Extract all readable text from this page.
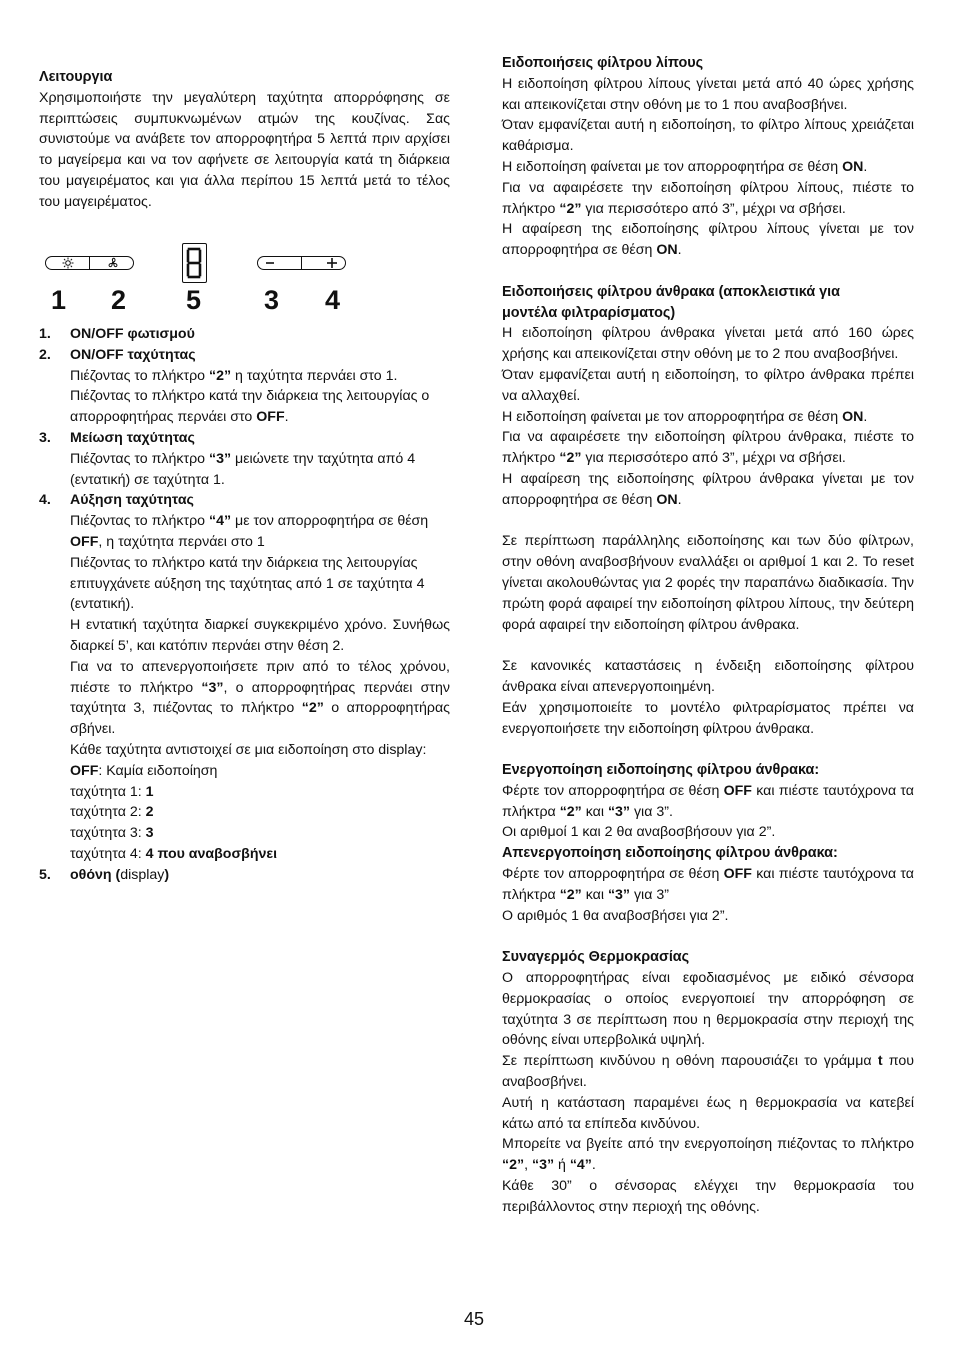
Λειτουργια

Χρησιμοποιήστε την μεγαλύτερη ταχύτητα απορρόφησης σε περιπτώσεις συμπυκνωμένων ατμών της κουζίνας. Σας συνιστούμε να ανάβετε τον απορροφητήρα 5 λεπτά πριν αρχίσει το μαγείρεμα και να τον αφήνετε σε λειτουργία κατά τη διάρκεια του μαγειρέματος και για άλλα περίπου 15 λεπτά μετά το τέλος του μαγειρέματος.

1 2 5 3 4
1. ON/OFF φωτισμού
2. ON/OFF ταχύτητας

Πιέζοντας το πλήκτρο “2” η ταχύτητα περνάει στο 1.

Πιέζοντας το πλήκτρο κατά την διάρκεια της λειτουργίας ο απορροφητήρας περνάει στο OFF.

3. Μείωση ταχύτητας

Πιέζοντας το πλήκτρο “3” μειώνετε την ταχύτητα από 4 (εντατική) σε ταχύτητα 1.

4. Αύξηση ταχύτητας

Πιέζοντας το πλήκτρο “4” με τον απορροφητήρα σε θέση OFF, η ταχύτητα περνάει στο 1

Πιέζοντας το πλήκτρο κατά την διάρκεια της λειτουργίας επιτυγχάνετε αύξηση της ταχύτητας από 1 σε ταχύτητα 4 (εντατική).

Η εντατική ταχύτητα διαρκεί συγκεκριμένο χρόνο. Συνήθως διαρκεί 5’, και κατόπιν περνάει στην θέση 2.

Για να το απενεργοποιήσετε πριν από το τέλος χρόνου, πιέστε το πλήκτρο “3”, ο απορροφητήρας περνάει στην ταχύτητα 3, πιέζοντας το πλήκτρο “2” ο απορροφητήρας σβήνει.

Κάθε ταχύτητα αντιστοιχεί σε μια ειδοποίηση στο display:

OFF: Καμία ειδοποίηση

ταχύτητα 1: 1

ταχύτητα 2: 2

ταχύτητα 3: 3

ταχύτητα 4: 4 που αναβοσβήνει

5. οθόνη (display)
Ειδοποιήσεις φίλτρου λίπους

Η ειδοποίηση φίλτρου λίπους γίνεται μετά από 40 ώρες χρήσης και απεικονίζεται στην οθόνη με το 1 που αναβοσβήνει.

Όταν εμφανίζεται αυτή η ειδοποίηση, το φίλτρο λίπους χρειάζεται καθάρισμα.

Η ειδοποίηση φαίνεται με τον απορροφητήρα σε θέση ON.

Για να αφαιρέσετε την ειδοποίηση φίλτρου λίπους, πιέστε το πλήκτρο “2” για περισσότερο από 3”, μέχρι να σβήσει.

Η αφαίρεση της ειδοποίησης φίλτρου λίπους γίνεται με τον απορροφητήρα σε θέση ON.

Ειδοποιήσεις φίλτρου άνθρακα (αποκλειστικά για μοντέλα φιλτραρίσματος)

Η ειδοποίηση φίλτρου άνθρακα γίνεται μετά από 160 ώρες χρήσης και απεικονίζεται στην οθόνη με το 2 που αναβοσβήνει.

Όταν εμφανίζεται αυτή η ειδοποίηση, το φίλτρο άνθρακα πρέπει να αλλαχθεί.

Η ειδοποίηση φαίνεται με τον απορροφητήρα σε θέση ON.

Για να αφαιρέσετε την ειδοποίηση φίλτρου άνθρακα, πιέστε το πλήκτρο “2” για περισσότερο από 3”, μέχρι να σβήσει.

Η αφαίρεση της ειδοποίησης φίλτρου άνθρακα γίνεται με τον απορροφητήρα σε θέση ON.

Σε περίπτωση παράλληλης ειδοποίησης και των δύο φίλτρων, στην οθόνη αναβοσβήνουν εναλλάξει οι αριθμοί 1 και 2. Το reset γίνεται ακολουθώντας για 2 φορές την παραπάνω διαδικασία. Την πρώτη φορά αφαιρεί την ειδοποίηση φίλτρου λίπους, την δεύτερη φορά αφαιρεί την ειδοποίηση φίλτρου άνθρακα.

Σε κανονικές καταστάσεις η ένδειξη ειδοποίησης φίλτρου άνθρακα είναι απενεργοποιημένη.

Εάν χρησιμοποιείτε το μοντέλο φιλτραρίσματος πρέπει να ενεργοποιήσετε την ειδοποίηση φίλτρου άνθρακα.

Ενεργοποίηση ειδοποίησης φίλτρου άνθρακα:

Φέρτε τον απορροφητήρα σε θέση OFF και πιέστε ταυτόχρονα τα πλήκτρα “2” και “3” για 3”.

Οι αριθμοί 1 και 2 θα αναβοσβήσουν για 2”.

Απενεργοποίηση ειδοποίησης φίλτρου άνθρακα:

Φέρτε τον απορροφητήρα σε θέση OFF και πιέστε ταυτόχρονα τα πλήκτρα “2” και “3” για 3”

Ο αριθμός 1 θα αναβοσβήσει για 2”.

Συναγερμός Θερμοκρασίας

Ο απορροφητήρας είναι εφοδιασμένος με ειδικό σένσορα θερμοκρασίας ο οποίος ενεργοποιεί την απορρόφηση σε ταχύτητα 3 σε περίπτωση που η θερμοκρασία στην περιοχή της οθόνης είναι υπερβολικά υψηλή.

Σε περίπτωση κινδύνου η οθόνη παρουσιάζει το γράμμα t που αναβοσβήνει.

Αυτή η κατάσταση παραμένει έως η θερμοκρασία να κατεβεί κάτω από τα επίπεδα κινδύνου.

Μπορείτε να βγείτε από την ενεργοποίηση πιέζοντας το πλήκτρο “2”, “3” ή “4”.

Κάθε 30” ο σένσορας ελέγχει την θερμοκρασία του περιβάλλοντος στην περιοχή της οθόνης.

45
